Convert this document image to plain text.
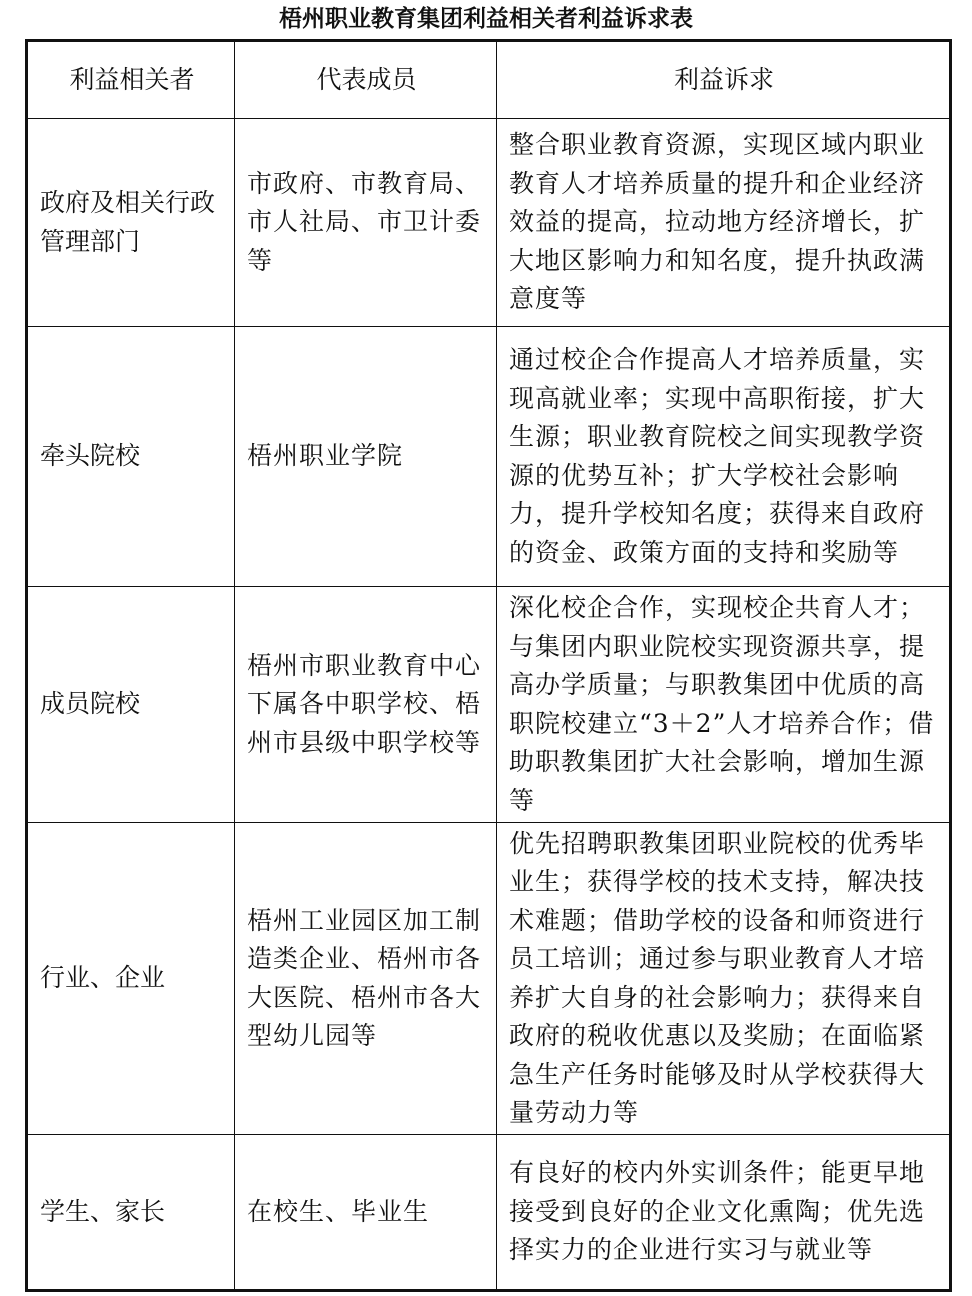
梧州职业教育集团利益相关者利益诉求表
利益相关者	代表成员	利益诉求
政府及相关行政管理部门	市政府、市教育局、市人社局、市卫计委等	整合职业教育资源，实现区域内职业教育人才培养质量的提升和企业经济效益的提高，拉动地方经济增长，扩大地区影响力和知名度，提升执政满意度等
牵头院校	梧州职业学院	通过校企合作提高人才培养质量，实现高就业率；实现中高职衔接，扩大生源；职业教育院校之间实现教学资源的优势互补；扩大学校社会影响力，提升学校知名度；获得来自政府的资金、政策方面的支持和奖励等
成员院校	梧州市职业教育中心下属各中职学校、梧州市县级中职学校等	深化校企合作，实现校企共育人才；与集团内职业院校实现资源共享，提高办学质量；与职教集团中优质的高职院校建立“3＋2”人才培养合作；借助职教集团扩大社会影响，增加生源等
行业、企业	梧州工业园区加工制造类企业、梧州市各大医院、梧州市各大型幼儿园等	优先招聘职教集团职业院校的优秀毕业生；获得学校的技术支持，解决技术难题；借助学校的设备和师资进行员工培训；通过参与职业教育人才培养扩大自身的社会影响力；获得来自政府的税收优惠以及奖励；在面临紧急生产任务时能够及时从学校获得大量劳动力等
学生、家长	在校生、毕业生	有良好的校内外实训条件；能更早地接受到良好的企业文化熏陶；优先选择实力的企业进行实习与就业等
